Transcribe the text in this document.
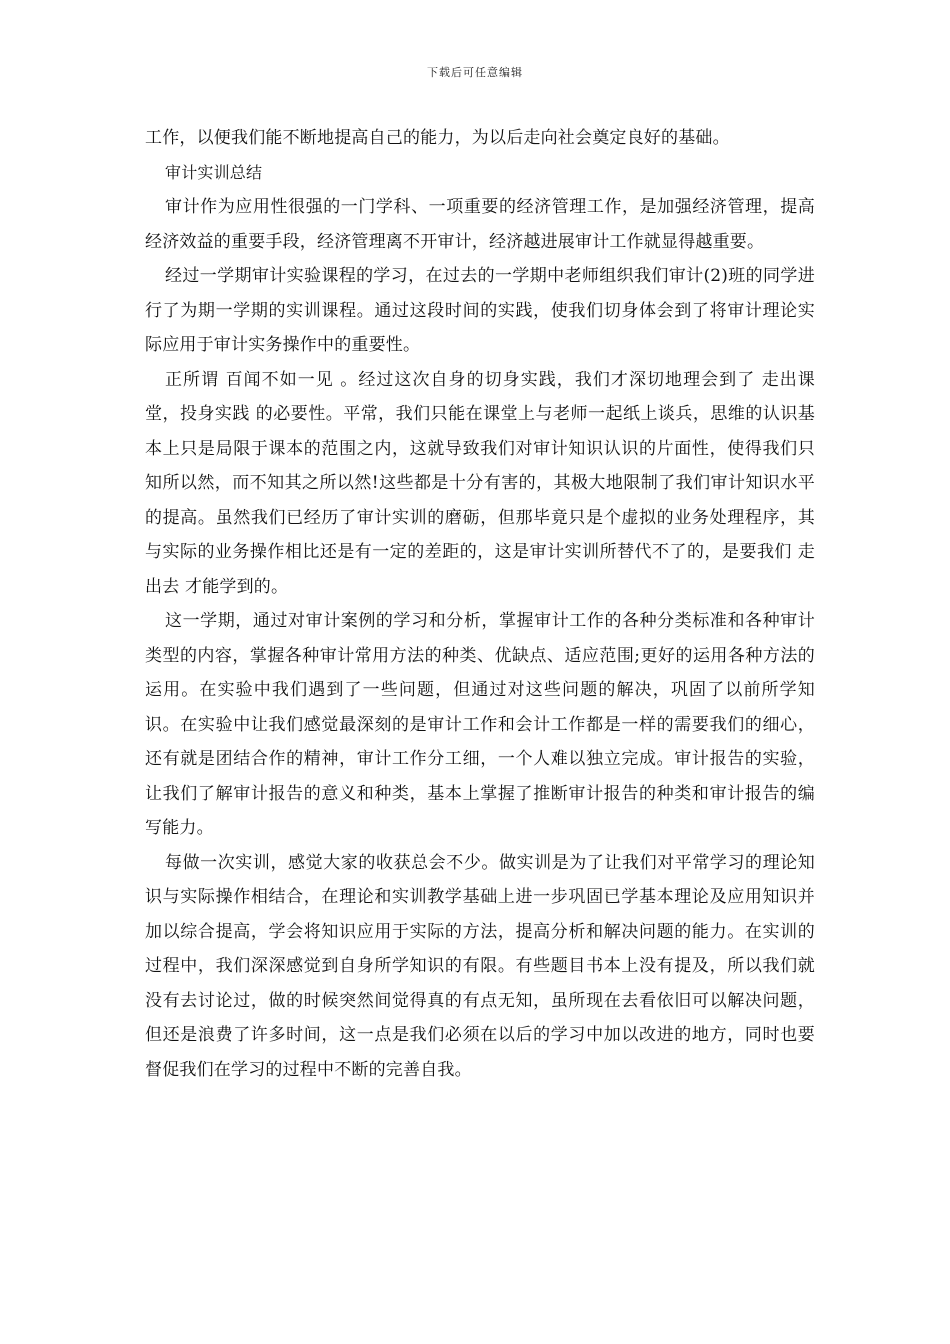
下载后可任意编辑

工作，以便我们能不断地提高自己的能力，为以后走向社会奠定良好的基础。

审计实训总结

审计作为应用性很强的一门学科、一项重要的经济管理工作，是加强经济管理，提高经济效益的重要手段，经济管理离不开审计，经济越进展审计工作就显得越重要。

经过一学期审计实验课程的学习，在过去的一学期中老师组织我们审计(2)班的同学进行了为期一学期的实训课程。通过这段时间的实践，使我们切身体会到了将审计理论实际应用于审计实务操作中的重要性。

正所谓 百闻不如一见 。经过这次自身的切身实践，我们才深切地理会到了 走出课堂，投身实践 的必要性。平常，我们只能在课堂上与老师一起纸上谈兵，思维的认识基本上只是局限于课本的范围之内，这就导致我们对审计知识认识的片面性，使得我们只知所以然，而不知其之所以然!这些都是十分有害的，其极大地限制了我们审计知识水平的提高。虽然我们已经历了审计实训的磨砺，但那毕竟只是个虚拟的业务处理程序，其与实际的业务操作相比还是有一定的差距的，这是审计实训所替代不了的，是要我们 走出去 才能学到的。

这一学期，通过对审计案例的学习和分析，掌握审计工作的各种分类标准和各种审计类型的内容，掌握各种审计常用方法的种类、优缺点、适应范围;更好的运用各种方法的运用。在实验中我们遇到了一些问题，但通过对这些问题的解决，巩固了以前所学知识。在实验中让我们感觉最深刻的是审计工作和会计工作都是一样的需要我们的细心，还有就是团结合作的精神，审计工作分工细，一个人难以独立完成。审计报告的实验，让我们了解审计报告的意义和种类，基本上掌握了推断审计报告的种类和审计报告的编写能力。

每做一次实训，感觉大家的收获总会不少。做实训是为了让我们对平常学习的理论知识与实际操作相结合，在理论和实训教学基础上进一步巩固已学基本理论及应用知识并加以综合提高，学会将知识应用于实际的方法，提高分析和解决问题的能力。在实训的过程中，我们深深感觉到自身所学知识的有限。有些题目书本上没有提及，所以我们就没有去讨论过，做的时候突然间觉得真的有点无知，虽所现在去看依旧可以解决问题，但还是浪费了许多时间，这一点是我们必须在以后的学习中加以改进的地方，同时也要督促我们在学习的过程中不断的完善自我。
